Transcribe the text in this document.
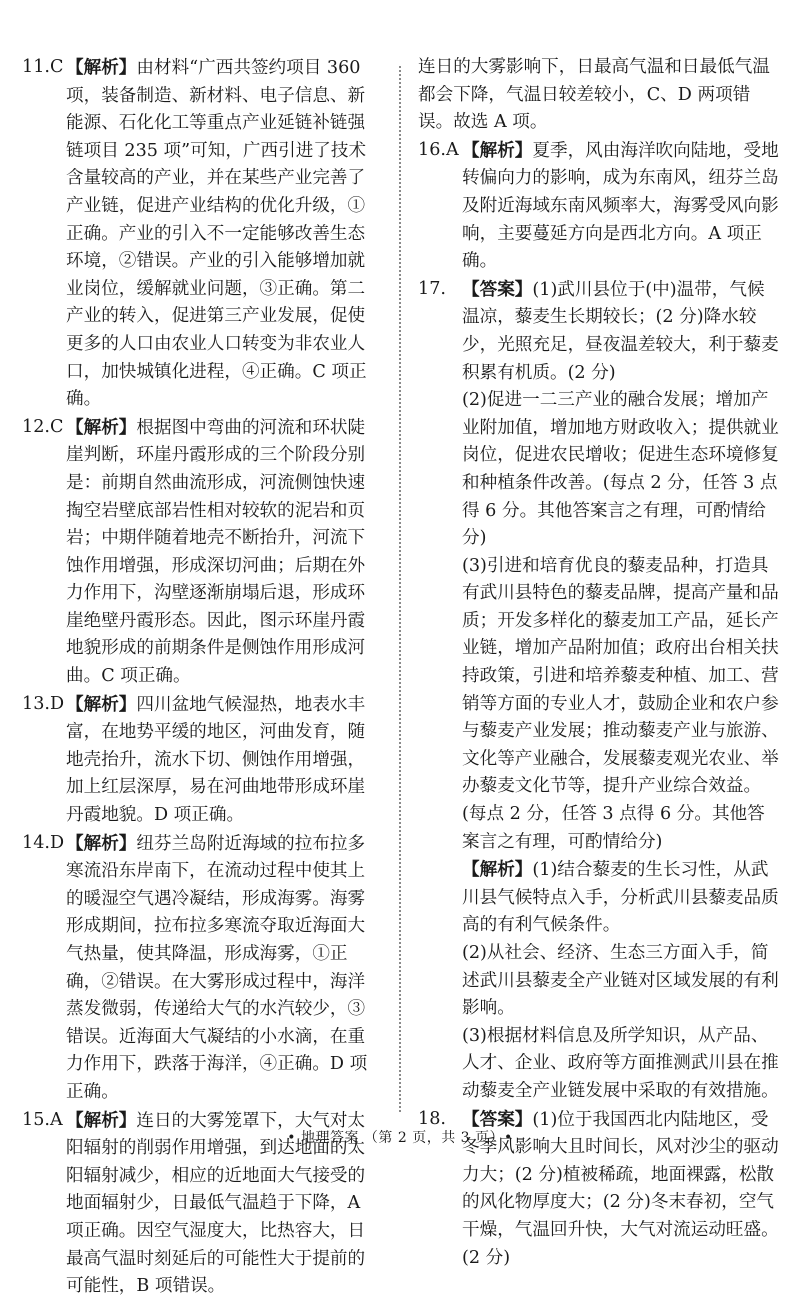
11.C 【解析】由材料“广西共签约项目 360 项，装备制造、新材料、电子信息、新能源、石化化工等重点产业延链补链强链项目 235 项”可知，广西引进了技术含量较高的产业，并在某些产业完善了产业链，促进产业结构的优化升级，①正确。产业的引入不一定能够改善生态环境，②错误。产业的引入能够增加就业岗位，缓解就业问题，③正确。第二产业的转入，促进第三产业发展，促使更多的人口由农业人口转变为非农业人口，加快城镇化进程，④正确。C 项正确。
12.C 【解析】根据图中弯曲的河流和环状陡崖判断，环崖丹霞形成的三个阶段分别是：前期自然曲流形成，河流侧蚀快速掏空岩壁底部岩性相对较软的泥岩和页岩；中期伴随着地壳不断抬升，河流下蚀作用增强，形成深切河曲；后期在外力作用下，沟壁逐渐崩塌后退，形成环崖绝壁丹霞形态。因此，图示环崖丹霞地貌形成的前期条件是侧蚀作用形成河曲。C 项正确。
13.D 【解析】四川盆地气候湿热，地表水丰富，在地势平缓的地区，河曲发育，随地壳抬升，流水下切、侧蚀作用增强，加上红层深厚，易在河曲地带形成环崖丹霞地貌。D 项正确。
14.D 【解析】纽芬兰岛附近海域的拉布拉多寒流沿东岸南下，在流动过程中使其上的暖湿空气遇冷凝结，形成海雾。海雾形成期间，拉布拉多寒流夺取近海面大气热量，使其降温，形成海雾，①正确，②错误。在大雾形成过程中，海洋蒸发微弱，传递给大气的水汽较少，③错误。近海面大气凝结的小水滴，在重力作用下，跌落于海洋，④正确。D 项正确。
15.A 【解析】连日的大雾笼罩下，大气对太阳辐射的削弱作用增强，到达地面的太阳辐射减少，相应的近地面大气接受的地面辐射少，日最低气温趋于下降，A 项正确。因空气湿度大，比热容大，日最高气温时刻延后的可能性大于提前的可能性，B 项错误。
连日的大雾影响下，日最高气温和日最低气温都会下降，气温日较差较小，C、D 两项错误。故选 A 项。
16.A 【解析】夏季，风由海洋吹向陆地，受地转偏向力的影响，成为东南风，纽芬兰岛及附近海域东南风频率大，海雾受风向影响，主要蔓延方向是西北方向。A 项正确。
17. 【答案】(1)武川县位于(中)温带，气候温凉，藜麦生长期较长；(2 分)降水较少，光照充足，昼夜温差较大，利于藜麦积累有机质。(2 分)
(2)促进一二三产业的融合发展；增加产业附加值，增加地方财政收入；提供就业岗位，促进农民增收；促进生态环境修复和种植条件改善。(每点 2 分，任答 3 点得 6 分。其他答案言之有理，可酌情给分)
(3)引进和培育优良的藜麦品种，打造具有武川县特色的藜麦品牌，提高产量和品质；开发多样化的藜麦加工产品，延长产业链，增加产品附加值；政府出台相关扶持政策，引进和培养藜麦种植、加工、营销等方面的专业人才，鼓励企业和农户参与藜麦产业发展；推动藜麦产业与旅游、文化等产业融合，发展藜麦观光农业、举办藜麦文化节等，提升产业综合效益。(每点 2 分，任答 3 点得 6 分。其他答案言之有理，可酌情给分)
【解析】(1)结合藜麦的生长习性，从武川县气候特点入手，分析武川县藜麦品质高的有利气候条件。
(2)从社会、经济、生态三方面入手，简述武川县藜麦全产业链对区域发展的有利影响。
(3)根据材料信息及所学知识，从产品、人才、企业、政府等方面推测武川县在推动藜麦全产业链发展中采取的有效措施。
18. 【答案】(1)位于我国西北内陆地区，受冬季风影响大且时间长，风对沙尘的驱动力大；(2 分)植被稀疏，地面裸露，松散的风化物厚度大；(2 分)冬末春初，空气干燥，气温回升快，大气对流运动旺盛。(2 分)
• 地理答案 （第 2 页，共 3 页）•
